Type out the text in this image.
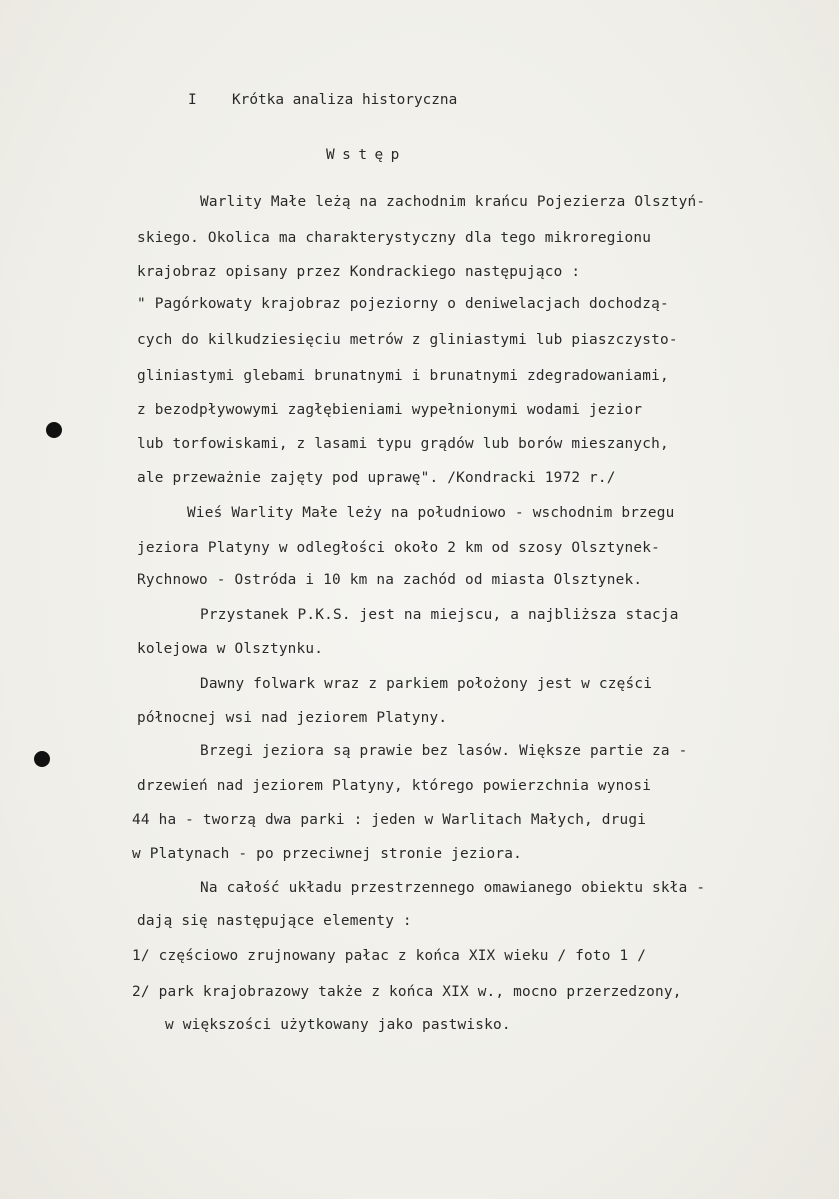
I Krótka analiza historyczna
Wstęp
Warlity Małe leżą na zachodnim krańcu Pojezierza Olsztyń-
skiego. Okolica ma charakterystyczny dla tego mikroregionu
krajobraz opisany przez Kondrackiego następująco :
" Pagórkowaty krajobraz pojeziorny o deniwelacjach dochodzą-
cych do kilkudziesięciu metrów z gliniastymi lub piaszczysto-
gliniastymi glebami brunatnymi i brunatnymi zdegradowaniami,
z bezodpływowymi zagłębieniami wypełnionymi wodami jezior
lub torfowiskami, z lasami typu grądów lub borów mieszanych,
ale przeważnie zajęty pod uprawę". /Kondracki 1972 r./
Wieś Warlity Małe leży na południowo - wschodnim brzegu
jeziora Platyny w odległości około 2 km od szosy Olsztynek-
Rychnowo - Ostróda i 10 km na zachód od miasta Olsztynek.
Przystanek P.K.S. jest na miejscu, a najbliższa stacja
kolejowa w Olsztynku.
Dawny folwark wraz z parkiem położony jest w części
północnej wsi nad jeziorem Platyny.
Brzegi jeziora są prawie bez lasów. Większe partie za -
drzewień nad jeziorem Platyny, którego powierzchnia wynosi
44 ha - tworzą dwa parki : jeden w Warlitach Małych, drugi
w Platynach - po przeciwnej stronie jeziora.
Na całość układu przestrzennego omawianego obiektu skła -
dają się następujące elementy :
1/ częściowo zrujnowany pałac z końca XIX wieku / foto 1 /
2/ park krajobrazowy także z końca XIX w., mocno przerzedzony,
w większości użytkowany jako pastwisko.
